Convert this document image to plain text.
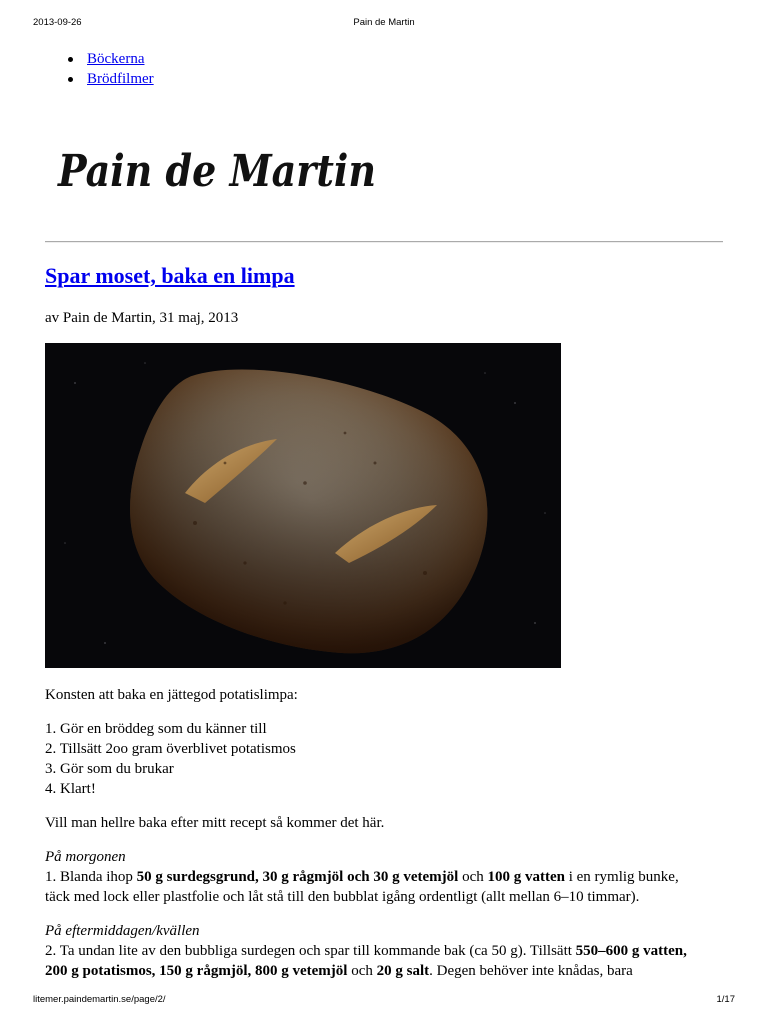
2013-09-26	Pain de Martin
Böckerna
Brödfilmer
Pain de Martin
Spar moset, baka en limpa
av Pain de Martin, 31 maj, 2013

Konsten att baka en jättegod potatislimpa:

1. Gör en bröddeg som du känner till
2. Tillsätt 2oo gram överblivet potatismos
3. Gör som du brukar
4. Klart!

Vill man hellre baka efter mitt recept så kommer det här.

På morgonen
1. Blanda ihop 50 g surdegsgrund, 30 g rågmjöl och 30 g vetemjöl och 100 g vatten i en rymlig bunke,
täck med lock eller plastfolie och låt stå till den bubblat igång ordentligt (allt mellan 6–10 timmar).

På eftermiddagen/kvällen
2. Ta undan lite av den bubbliga surdegen och spar till kommande bak (ca 50 g). Tillsätt 550–600 g vatten,
200 g potatismos, 150 g rågmjöl, 800 g vetemjöl och 20 g salt. Degen behöver inte knådas, bara

litemer.paindemartin.se/page/2/	1/17
